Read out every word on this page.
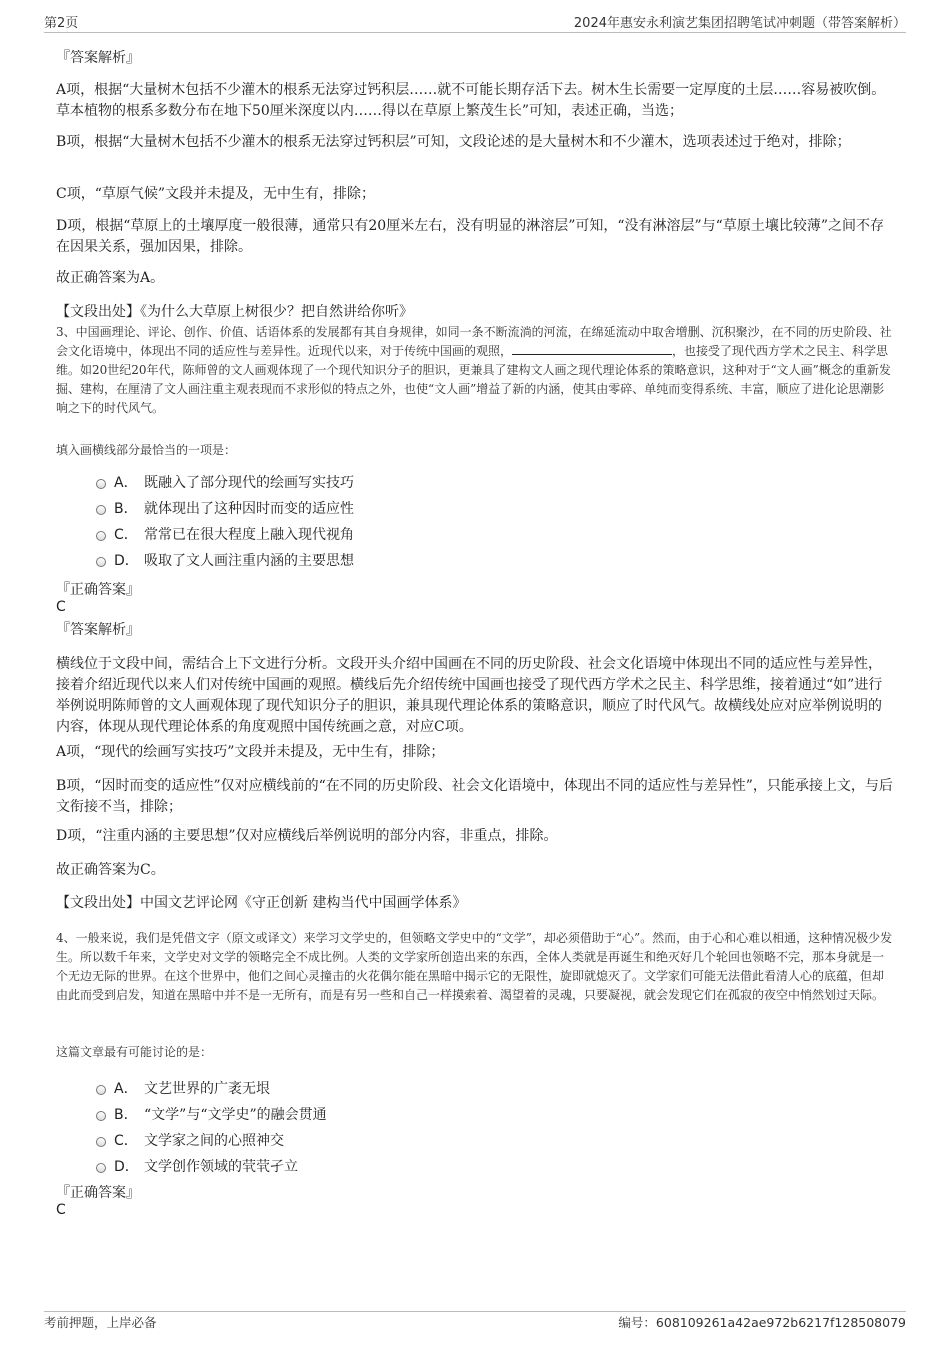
第2页	2024年惠安永利演艺集团招聘笔试冲刺题（带答案解析）
『答案解析』
A项，根据“大量树木包括不少灌木的根系无法穿过钙积层……就不可能长期存活下去。树木生长需要一定厚度的土层……容易被吹倒。草本植物的根系多数分布在地下50厘米深度以内……得以在草原上繁茂生长”可知，表述正确，当选；
B项，根据“大量树木包括不少灌木的根系无法穿过钙积层”可知，文段论述的是大量树木和不少灌木，选项表述过于绝对，排除；
C项，“草原气候”文段并未提及，无中生有，排除；
D项，根据“草原上的土壤厚度一般很薄，通常只有20厘米左右，没有明显的淋溶层”可知，“没有淋溶层”与“草原土壤比较薄”之间不存在因果关系，强加因果，排除。
故正确答案为A。
【文段出处】《为什么大草原上树很少？把自然讲给你听》
3、中国画理论、评论、创作、价值、话语体系的发展都有其自身规律，如同一条不断流淌的河流，在绵延流动中取舍增删、沉积聚沙，在不同的历史阶段、社会文化语境中，体现出不同的适应性与差异性。近现代以来，对于传统中国画的观照，	，也接受了现代西方学术之民主、科学思维。如20世纪20年代，陈师曾的文人画观体现了一个现代知识分子的胆识，更兼具了建构文人画之现代理论体系的策略意识，这种对于“文人画”概念的重新发掘、建构，在厘清了文人画注重主观表现而不求形似的特点之外，也使“文人画”增益了新的内涵，使其由零碎、单纯而变得系统、丰富，顺应了进化论思潮影响之下的时代风气。
填入画横线部分最恰当的一项是：
A． 既融入了部分现代的绘画写实技巧
B． 就体现出了这种因时而变的适应性
C． 常常已在很大程度上融入现代视角
D． 吸取了文人画注重内涵的主要思想
『正确答案』
C
『答案解析』
横线位于文段中间，需结合上下文进行分析。文段开头介绍中国画在不同的历史阶段、社会文化语境中体现出不同的适应性与差异性，接着介绍近现代以来人们对传统中国画的观照。横线后先介绍传统中国画也接受了现代西方学术之民主、科学思维，接着通过“如”进行举例说明陈师曾的文人画观体现了现代知识分子的胆识，兼具现代理论体系的策略意识，顺应了时代风气。故横线处应对应举例说明的内容，体现从现代理论体系的角度观照中国传统画之意，对应C项。
A项，“现代的绘画写实技巧”文段并未提及，无中生有，排除；
B项，“因时而变的适应性”仅对应横线前的“在不同的历史阶段、社会文化语境中，体现出不同的适应性与差异性”，只能承接上文，与后文衔接不当，排除；
D项，“注重内涵的主要思想”仅对应横线后举例说明的部分内容，非重点，排除。
故正确答案为C。
【文段出处】中国文艺评论网《守正创新 建构当代中国画学体系》
4、一般来说，我们是凭借文字（原文或译文）来学习文学史的，但领略文学史中的“文学”，却必须借助于“心”。然而，由于心和心难以相通，这种情况极少发生。所以数千年来，文学史对文学的领略完全不成比例。人类的文学家所创造出来的东西，全体人类就是再诞生和绝灭好几个轮回也领略不完，那本身就是一个无边无际的世界。在这个世界中，他们之间心灵撞击的火花偶尔能在黑暗中揭示它的无限性，旋即就熄灭了。文学家们可能无法借此看清人心的底蕴，但却由此而受到启发，知道在黑暗中并不是一无所有，而是有另一些和自己一样摸索着、渴望着的灵魂，只要凝视，就会发现它们在孤寂的夜空中悄然划过天际。
这篇文章最有可能讨论的是：
A． 文艺世界的广袤无垠
B． “文学”与“文学史”的融会贯通
C． 文学家之间的心照神交
D． 文学创作领域的茕茕孑立
『正确答案』
C
考前押题，上岸必备	编号：608109261a42ae972b6217f128508079
